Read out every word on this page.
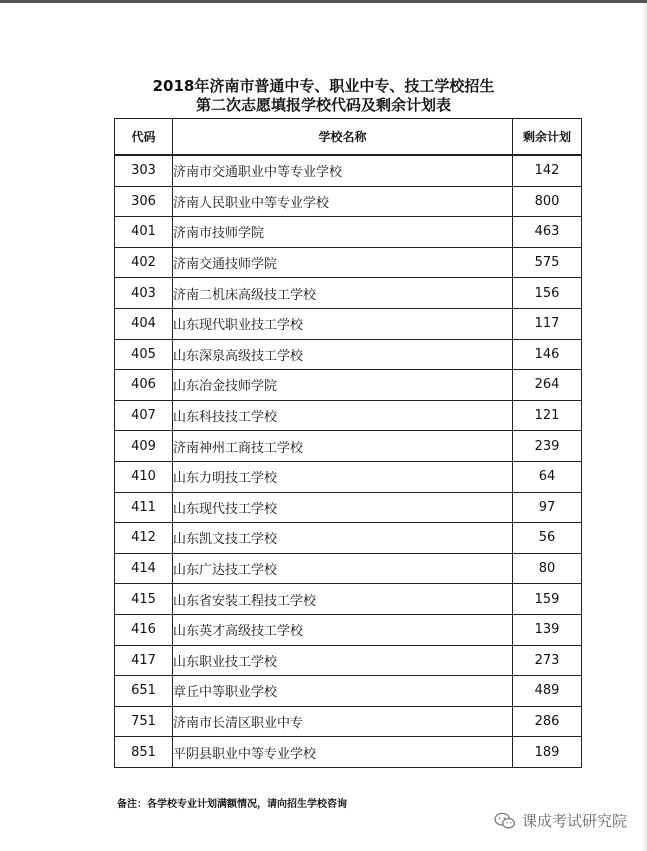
2018年济南市普通中专、职业中专、技工学校招生
第二次志愿填报学校代码及剩余计划表
代码	学校名称	剩余计划

303	济南市交通职业中等专业学校	142
306	济南人民职业中等专业学校	800
401	济南市技师学院	463
402	济南交通技师学院	575
403	济南二机床高级技工学校	156
404	山东现代职业技工学校	117
405	山东深泉高级技工学校	146
406	山东冶金技师学院	264
407	山东科技技工学校	121
409	济南神州工商技工学校	239
410	山东力明技工学校	64
411	山东现代技工学校	97
412	山东凯文技工学校	56
414	山东广达技工学校	80
415	山东省安装工程技工学校	159
416	山东英才高级技工学校	139
417	山东职业技工学校	273
651	章丘中等职业学校	489
751	济南市长清区职业中专	286
851	平阴县职业中等专业学校	189

备注：各学校专业计划满额情况，请向招生学校咨询

课成考试研究院
